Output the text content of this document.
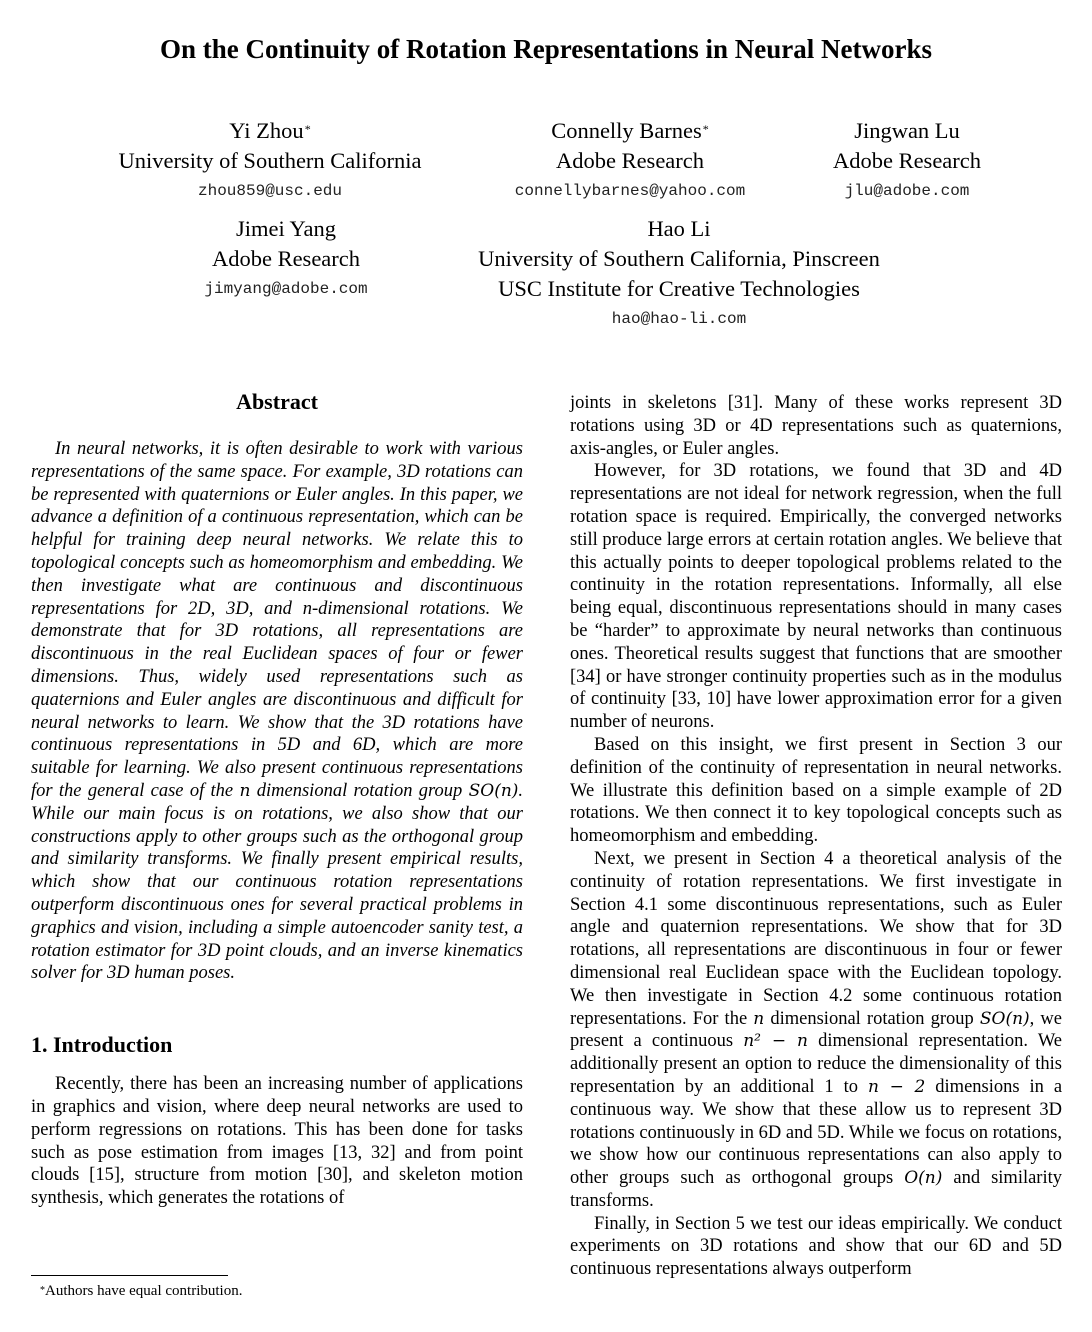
On the Continuity of Rotation Representations in Neural Networks
Yi Zhou*
University of Southern California
zhou859@usc.edu
Connelly Barnes*
Adobe Research
connellybarnes@yahoo.com
Jingwan Lu
Adobe Research
jlu@adobe.com
Jimei Yang
Adobe Research
jimyang@adobe.com
Hao Li
University of Southern California, Pinscreen
USC Institute for Creative Technologies
hao@hao-li.com

Abstract

In neural networks, it is often desirable to work with various representations of the same space. For example, 3D rotations can be represented with quaternions or Euler angles. In this paper, we advance a definition of a continuous representation, which can be helpful for training deep neural networks. We relate this to topological concepts such as homeomorphism and embedding. We then investigate what are continuous and discontinuous representations for 2D, 3D, and n-dimensional rotations. We demonstrate that for 3D rotations, all representations are discontinuous in the real Euclidean spaces of four or fewer dimensions. Thus, widely used representations such as quaternions and Euler angles are discontinuous and difficult for neural networks to learn. We show that the 3D rotations have continuous representations in 5D and 6D, which are more suitable for learning. We also present continuous representations for the general case of the n dimensional rotation group SO(n). While our main focus is on rotations, we also show that our constructions apply to other groups such as the orthogonal group and similarity transforms. We finally present empirical results, which show that our continuous rotation representations outperform discontinuous ones for several practical problems in graphics and vision, including a simple autoencoder sanity test, a rotation estimator for 3D point clouds, and an inverse kinematics solver for 3D human poses.

1. Introduction

Recently, there has been an increasing number of applications in graphics and vision, where deep neural networks are used to perform regressions on rotations. This has been done for tasks such as pose estimation from images [13, 32] and from point clouds [15], structure from motion [30], and skeleton motion synthesis, which generates the rotations of

joints in skeletons [31]. Many of these works represent 3D rotations using 3D or 4D representations such as quaternions, axis-angles, or Euler angles.

However, for 3D rotations, we found that 3D and 4D representations are not ideal for network regression, when the full rotation space is required. Empirically, the converged networks still produce large errors at certain rotation angles. We believe that this actually points to deeper topological problems related to the continuity in the rotation representations. Informally, all else being equal, discontinuous representations should in many cases be “harder” to approximate by neural networks than continuous ones. Theoretical results suggest that functions that are smoother [34] or have stronger continuity properties such as in the modulus of continuity [33, 10] have lower approximation error for a given number of neurons.

Based on this insight, we first present in Section 3 our definition of the continuity of representation in neural networks. We illustrate this definition based on a simple example of 2D rotations. We then connect it to key topological concepts such as homeomorphism and embedding.

Next, we present in Section 4 a theoretical analysis of the continuity of rotation representations. We first investigate in Section 4.1 some discontinuous representations, such as Euler angle and quaternion representations. We show that for 3D rotations, all representations are discontinuous in four or fewer dimensional real Euclidean space with the Euclidean topology. We then investigate in Section 4.2 some continuous rotation representations. For the n dimensional rotation group SO(n), we present a continuous n² − n dimensional representation. We additionally present an option to reduce the dimensionality of this representation by an additional 1 to n − 2 dimensions in a continuous way. We show that these allow us to represent 3D rotations continuously in 6D and 5D. While we focus on rotations, we show how our continuous representations can also apply to other groups such as orthogonal groups O(n) and similarity transforms.

Finally, in Section 5 we test our ideas empirically. We conduct experiments on 3D rotations and show that our 6D and 5D continuous representations always outperform

*Authors have equal contribution.
